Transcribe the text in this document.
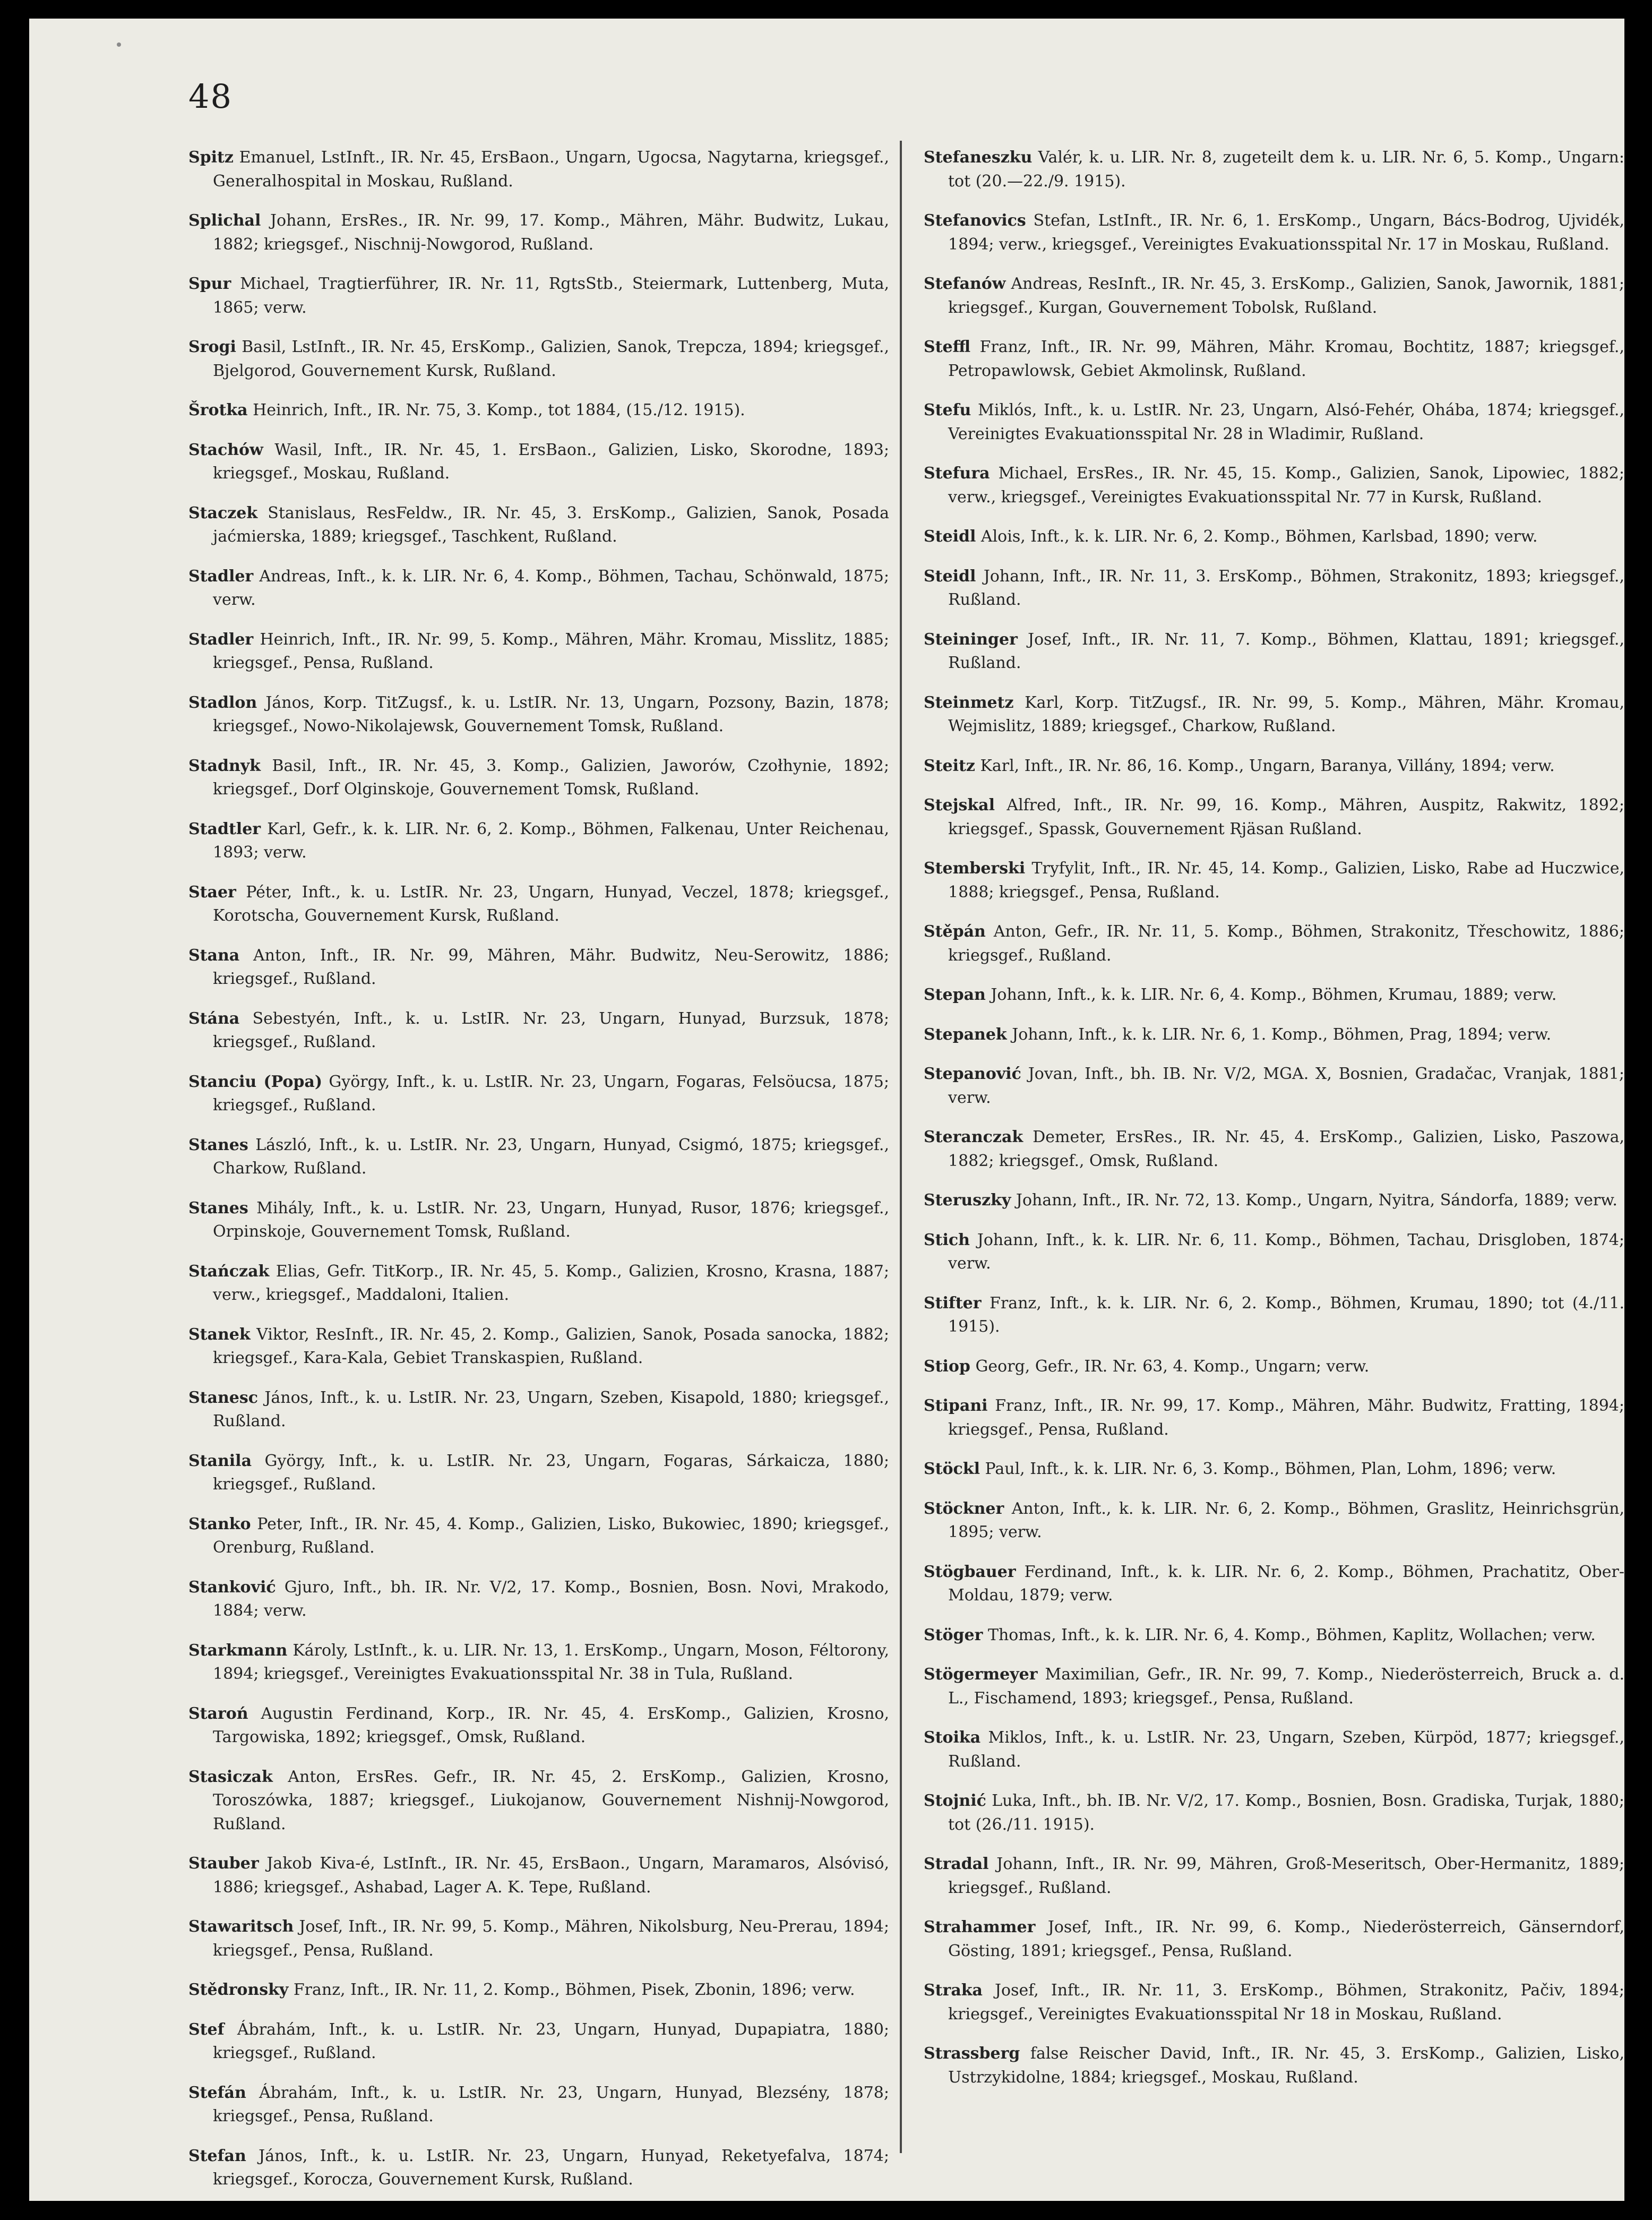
48

Spitz Emanuel, LstInft., IR. Nr. 45, ErsBaon., Ungarn, Ugocsa, Nagytarna, kriegsgef., Generalhospital in Moskau, Rußland.

Splichal Johann, ErsRes., IR. Nr. 99, 17. Komp., Mähren, Mähr. Budwitz, Lukau, 1882; kriegsgef., Nischnij-Nowgorod, Rußland.

Spur Michael, Tragtierführer, IR. Nr. 11, RgtsStb., Steiermark, Luttenberg, Muta, 1865; verw.

Srogi Basil, LstInft., IR. Nr. 45, ErsKomp., Galizien, Sanok, Trepcza, 1894; kriegsgef., Bjelgorod, Gouvernement Kursk, Rußland.

Šrotka Heinrich, Inft., IR. Nr. 75, 3. Komp., tot 1884, (15./12. 1915).

Stachów Wasil, Inft., IR. Nr. 45, 1. ErsBaon., Galizien, Lisko, Skorodne, 1893; kriegsgef., Moskau, Rußland.

Staczek Stanislaus, ResFeldw., IR. Nr. 45, 3. ErsKomp., Galizien, Sanok, Posada jaćmierska, 1889; kriegsgef., Taschkent, Rußland.

Stadler Andreas, Inft., k. k. LIR. Nr. 6, 4. Komp., Böhmen, Tachau, Schönwald, 1875; verw.

Stadler Heinrich, Inft., IR. Nr. 99, 5. Komp., Mähren, Mähr. Kromau, Misslitz, 1885; kriegsgef., Pensa, Rußland.

Stadlon János, Korp. TitZugsf., k. u. LstIR. Nr. 13, Ungarn, Pozsony, Bazin, 1878; kriegsgef., Nowo-Nikolajewsk, Gouvernement Tomsk, Rußland.

Stadnyk Basil, Inft., IR. Nr. 45, 3. Komp., Galizien, Jaworów, Czołhynie, 1892; kriegsgef., Dorf Olginskoje, Gouvernement Tomsk, Rußland.

Stadtler Karl, Gefr., k. k. LIR. Nr. 6, 2. Komp., Böhmen, Falkenau, Unter Reichenau, 1893; verw.

Staer Péter, Inft., k. u. LstIR. Nr. 23, Ungarn, Hunyad, Veczel, 1878; kriegsgef., Korotscha, Gouvernement Kursk, Rußland.

Stana Anton, Inft., IR. Nr. 99, Mähren, Mähr. Budwitz, Neu-Serowitz, 1886; kriegsgef., Rußland.

Stána Sebestyén, Inft., k. u. LstIR. Nr. 23, Ungarn, Hunyad, Burzsuk, 1878; kriegsgef., Rußland.

Stanciu (Popa) György, Inft., k. u. LstIR. Nr. 23, Ungarn, Fogaras, Felsöucsa, 1875; kriegsgef., Rußland.

Stanes László, Inft., k. u. LstIR. Nr. 23, Ungarn, Hunyad, Csigmó, 1875; kriegsgef., Charkow, Rußland.

Stanes Mihály, Inft., k. u. LstIR. Nr. 23, Ungarn, Hunyad, Rusor, 1876; kriegsgef., Orpinskoje, Gouvernement Tomsk, Rußland.

Stańczak Elias, Gefr. TitKorp., IR. Nr. 45, 5. Komp., Galizien, Krosno, Krasna, 1887; verw., kriegsgef., Maddaloni, Italien.

Stanek Viktor, ResInft., IR. Nr. 45, 2. Komp., Galizien, Sanok, Posada sanocka, 1882; kriegsgef., Kara-Kala, Gebiet Transkaspien, Rußland.

Stanesc János, Inft., k. u. LstIR. Nr. 23, Ungarn, Szeben, Kisapold, 1880; kriegsgef., Rußland.

Stanila György, Inft., k. u. LstIR. Nr. 23, Ungarn, Fogaras, Sárkaicza, 1880; kriegsgef., Rußland.

Stanko Peter, Inft., IR. Nr. 45, 4. Komp., Galizien, Lisko, Bukowiec, 1890; kriegsgef., Orenburg, Rußland.

Stanković Gjuro, Inft., bh. IR. Nr. V/2, 17. Komp., Bosnien, Bosn. Novi, Mrakodo, 1884; verw.

Starkmann Károly, LstInft., k. u. LIR. Nr. 13, 1. ErsKomp., Ungarn, Moson, Féltorony, 1894; kriegsgef., Vereinigtes Evakuationsspital Nr. 38 in Tula, Rußland.

Staroń Augustin Ferdinand, Korp., IR. Nr. 45, 4. ErsKomp., Galizien, Krosno, Targowiska, 1892; kriegsgef., Omsk, Rußland.

Stasiczak Anton, ErsRes. Gefr., IR. Nr. 45, 2. ErsKomp., Galizien, Krosno, Toroszówka, 1887; kriegsgef., Liukojanow, Gouvernement Nishnij-Nowgorod, Rußland.

Stauber Jakob Kiva-é, LstInft., IR. Nr. 45, ErsBaon., Ungarn, Maramaros, Alsóvisó, 1886; kriegsgef., Ashabad, Lager A. K. Tepe, Rußland.

Stawaritsch Josef, Inft., IR. Nr. 99, 5. Komp., Mähren, Nikolsburg, Neu-Prerau, 1894; kriegsgef., Pensa, Rußland.

Stědronsky Franz, Inft., IR. Nr. 11, 2. Komp., Böhmen, Pisek, Zbonin, 1896; verw.

Stef Ábrahám, Inft., k. u. LstIR. Nr. 23, Ungarn, Hunyad, Dupapiatra, 1880; kriegsgef., Rußland.

Stefán Ábrahám, Inft., k. u. LstIR. Nr. 23, Ungarn, Hunyad, Blezsény, 1878; kriegsgef., Pensa, Rußland.

Stefan János, Inft., k. u. LstIR. Nr. 23, Ungarn, Hunyad, Reketyefalva, 1874; kriegsgef., Korocza, Gouvernement Kursk, Rußland.

Stefaneszku Valér, k. u. LIR. Nr. 8, zugeteilt dem k. u. LIR. Nr. 6, 5. Komp., Ungarn: tot (20.—22./9. 1915).

Stefanovics Stefan, LstInft., IR. Nr. 6, 1. ErsKomp., Ungarn, Bács-Bodrog, Ujvidék, 1894; verw., kriegsgef., Vereinigtes Evakuationsspital Nr. 17 in Moskau, Rußland.

Stefanów Andreas, ResInft., IR. Nr. 45, 3. ErsKomp., Galizien, Sanok, Jawornik, 1881; kriegsgef., Kurgan, Gouvernement Tobolsk, Rußland.

Steffl Franz, Inft., IR. Nr. 99, Mähren, Mähr. Kromau, Bochtitz, 1887; kriegsgef., Petropawlowsk, Gebiet Akmolinsk, Rußland.

Stefu Miklós, Inft., k. u. LstIR. Nr. 23, Ungarn, Alsó-Fehér, Ohába, 1874; kriegsgef., Vereinigtes Evakuationsspital Nr. 28 in Wladimir, Rußland.

Stefura Michael, ErsRes., IR. Nr. 45, 15. Komp., Galizien, Sanok, Lipowiec, 1882; verw., kriegsgef., Vereinigtes Evakuationsspital Nr. 77 in Kursk, Rußland.

Steidl Alois, Inft., k. k. LIR. Nr. 6, 2. Komp., Böhmen, Karlsbad, 1890; verw.

Steidl Johann, Inft., IR. Nr. 11, 3. ErsKomp., Böhmen, Strakonitz, 1893; kriegsgef., Rußland.

Steininger Josef, Inft., IR. Nr. 11, 7. Komp., Böhmen, Klattau, 1891; kriegsgef., Rußland.

Steinmetz Karl, Korp. TitZugsf., IR. Nr. 99, 5. Komp., Mähren, Mähr. Kromau, Wejmislitz, 1889; kriegsgef., Charkow, Rußland.

Steitz Karl, Inft., IR. Nr. 86, 16. Komp., Ungarn, Baranya, Villány, 1894; verw.

Stejskal Alfred, Inft., IR. Nr. 99, 16. Komp., Mähren, Auspitz, Rakwitz, 1892; kriegsgef., Spassk, Gouvernement Rjäsan Rußland.

Stemberski Tryfylit, Inft., IR. Nr. 45, 14. Komp., Galizien, Lisko, Rabe ad Huczwice, 1888; kriegsgef., Pensa, Rußland.

Stěpán Anton, Gefr., IR. Nr. 11, 5. Komp., Böhmen, Strakonitz, Třeschowitz, 1886; kriegsgef., Rußland.

Stepan Johann, Inft., k. k. LIR. Nr. 6, 4. Komp., Böhmen, Krumau, 1889; verw.

Stepanek Johann, Inft., k. k. LIR. Nr. 6, 1. Komp., Böhmen, Prag, 1894; verw.

Stepanović Jovan, Inft., bh. IB. Nr. V/2, MGA. X, Bosnien, Gradačac, Vranjak, 1881; verw.

Steranczak Demeter, ErsRes., IR. Nr. 45, 4. ErsKomp., Galizien, Lisko, Paszowa, 1882; kriegsgef., Omsk, Rußland.

Steruszky Johann, Inft., IR. Nr. 72, 13. Komp., Ungarn, Nyitra, Sándorfa, 1889; verw.

Stich Johann, Inft., k. k. LIR. Nr. 6, 11. Komp., Böhmen, Tachau, Drisgloben, 1874; verw.

Stifter Franz, Inft., k. k. LIR. Nr. 6, 2. Komp., Böhmen, Krumau, 1890; tot (4./11. 1915).

Stiop Georg, Gefr., IR. Nr. 63, 4. Komp., Ungarn; verw.

Stipani Franz, Inft., IR. Nr. 99, 17. Komp., Mähren, Mähr. Budwitz, Fratting, 1894; kriegsgef., Pensa, Rußland.

Stöckl Paul, Inft., k. k. LIR. Nr. 6, 3. Komp., Böhmen, Plan, Lohm, 1896; verw.

Stöckner Anton, Inft., k. k. LIR. Nr. 6, 2. Komp., Böhmen, Graslitz, Heinrichsgrün, 1895; verw.

Stögbauer Ferdinand, Inft., k. k. LIR. Nr. 6, 2. Komp., Böhmen, Prachatitz, Ober-Moldau, 1879; verw.

Stöger Thomas, Inft., k. k. LIR. Nr. 6, 4. Komp., Böhmen, Kaplitz, Wollachen; verw.

Stögermeyer Maximilian, Gefr., IR. Nr. 99, 7. Komp., Niederösterreich, Bruck a. d. L., Fischamend, 1893; kriegsgef., Pensa, Rußland.

Stoika Miklos, Inft., k. u. LstIR. Nr. 23, Ungarn, Szeben, Kürpöd, 1877; kriegsgef., Rußland.

Stojnić Luka, Inft., bh. IB. Nr. V/2, 17. Komp., Bosnien, Bosn. Gradiska, Turjak, 1880; tot (26./11. 1915).

Stradal Johann, Inft., IR. Nr. 99, Mähren, Groß-Meseritsch, Ober-Hermanitz, 1889; kriegsgef., Rußland.

Strahammer Josef, Inft., IR. Nr. 99, 6. Komp., Niederösterreich, Gänserndorf, Gösting, 1891; kriegsgef., Pensa, Rußland.

Straka Josef, Inft., IR. Nr. 11, 3. ErsKomp., Böhmen, Strakonitz, Pačiv, 1894; kriegsgef., Vereinigtes Evakuationsspital Nr 18 in Moskau, Rußland.

Strassberg false Reischer David, Inft., IR. Nr. 45, 3. ErsKomp., Galizien, Lisko, Ustrzykidolne, 1884; kriegsgef., Moskau, Rußland.
